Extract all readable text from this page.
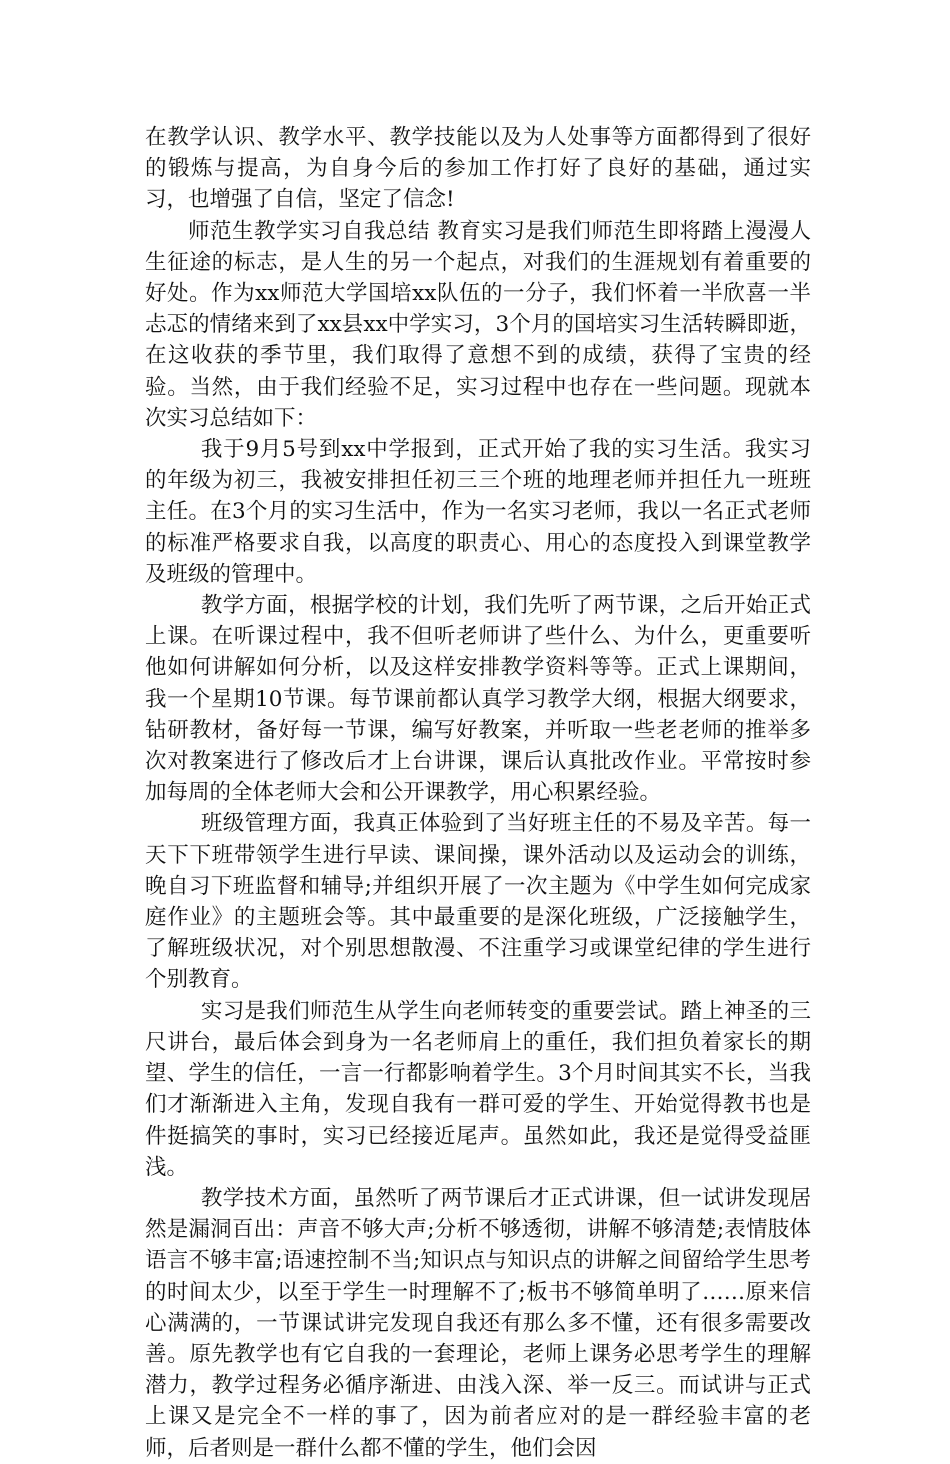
在教学认识、教学水平、教学技能以及为人处事等方面都得到了很好的锻炼与提高，为自身今后的参加工作打好了良好的基础，通过实习，也增强了自信，坚定了信念!

师范生教学实习自我总结 教育实习是我们师范生即将踏上漫漫人生征途的标志，是人生的另一个起点，对我们的生涯规划有着重要的好处。作为xx师范大学国培xx队伍的一分子，我们怀着一半欣喜一半忐忑的情绪来到了xx县xx中学实习，3个月的国培实习生活转瞬即逝，在这收获的季节里，我们取得了意想不到的成绩，获得了宝贵的经验。当然，由于我们经验不足，实习过程中也存在一些问题。现就本次实习总结如下：

我于9月5号到xx中学报到，正式开始了我的实习生活。我实习的年级为初三，我被安排担任初三三个班的地理老师并担任九一班班主任。在3个月的实习生活中，作为一名实习老师，我以一名正式老师的标准严格要求自我，以高度的职责心、用心的态度投入到课堂教学及班级的管理中。

教学方面，根据学校的计划，我们先听了两节课，之后开始正式上课。在听课过程中，我不但听老师讲了些什么、为什么，更重要听他如何讲解如何分析，以及这样安排教学资料等等。正式上课期间，我一个星期10节课。每节课前都认真学习教学大纲，根据大纲要求，钻研教材，备好每一节课，编写好教案，并听取一些老老师的推举多次对教案进行了修改后才上台讲课，课后认真批改作业。平常按时参加每周的全体老师大会和公开课教学，用心积累经验。

班级管理方面，我真正体验到了当好班主任的不易及辛苦。每一天下下班带领学生进行早读、课间操，课外活动以及运动会的训练，晚自习下班监督和辅导;并组织开展了一次主题为《中学生如何完成家庭作业》的主题班会等。其中最重要的是深化班级，广泛接触学生，了解班级状况，对个别思想散漫、不注重学习或课堂纪律的学生进行个别教育。

实习是我们师范生从学生向老师转变的重要尝试。踏上神圣的三尺讲台，最后体会到身为一名老师肩上的重任，我们担负着家长的期望、学生的信任，一言一行都影响着学生。3个月时间其实不长，当我们才渐渐进入主角，发现自我有一群可爱的学生、开始觉得教书也是件挺搞笑的事时，实习已经接近尾声。虽然如此，我还是觉得受益匪浅。

教学技术方面，虽然听了两节课后才正式讲课，但一试讲发现居然是漏洞百出：声音不够大声;分析不够透彻，讲解不够清楚;表情肢体语言不够丰富;语速控制不当;知识点与知识点的讲解之间留给学生思考的时间太少，以至于学生一时理解不了;板书不够简单明了……原来信心满满的，一节课试讲完发现自我还有那么多不懂，还有很多需要改善。原先教学也有它自我的一套理论，老师上课务必思考学生的理解潜力，教学过程务必循序渐进、由浅入深、举一反三。而试讲与正式上课又是完全不一样的事了，因为前者应对的是一群经验丰富的老师，后者则是一群什么都不懂的学生，他们会因
